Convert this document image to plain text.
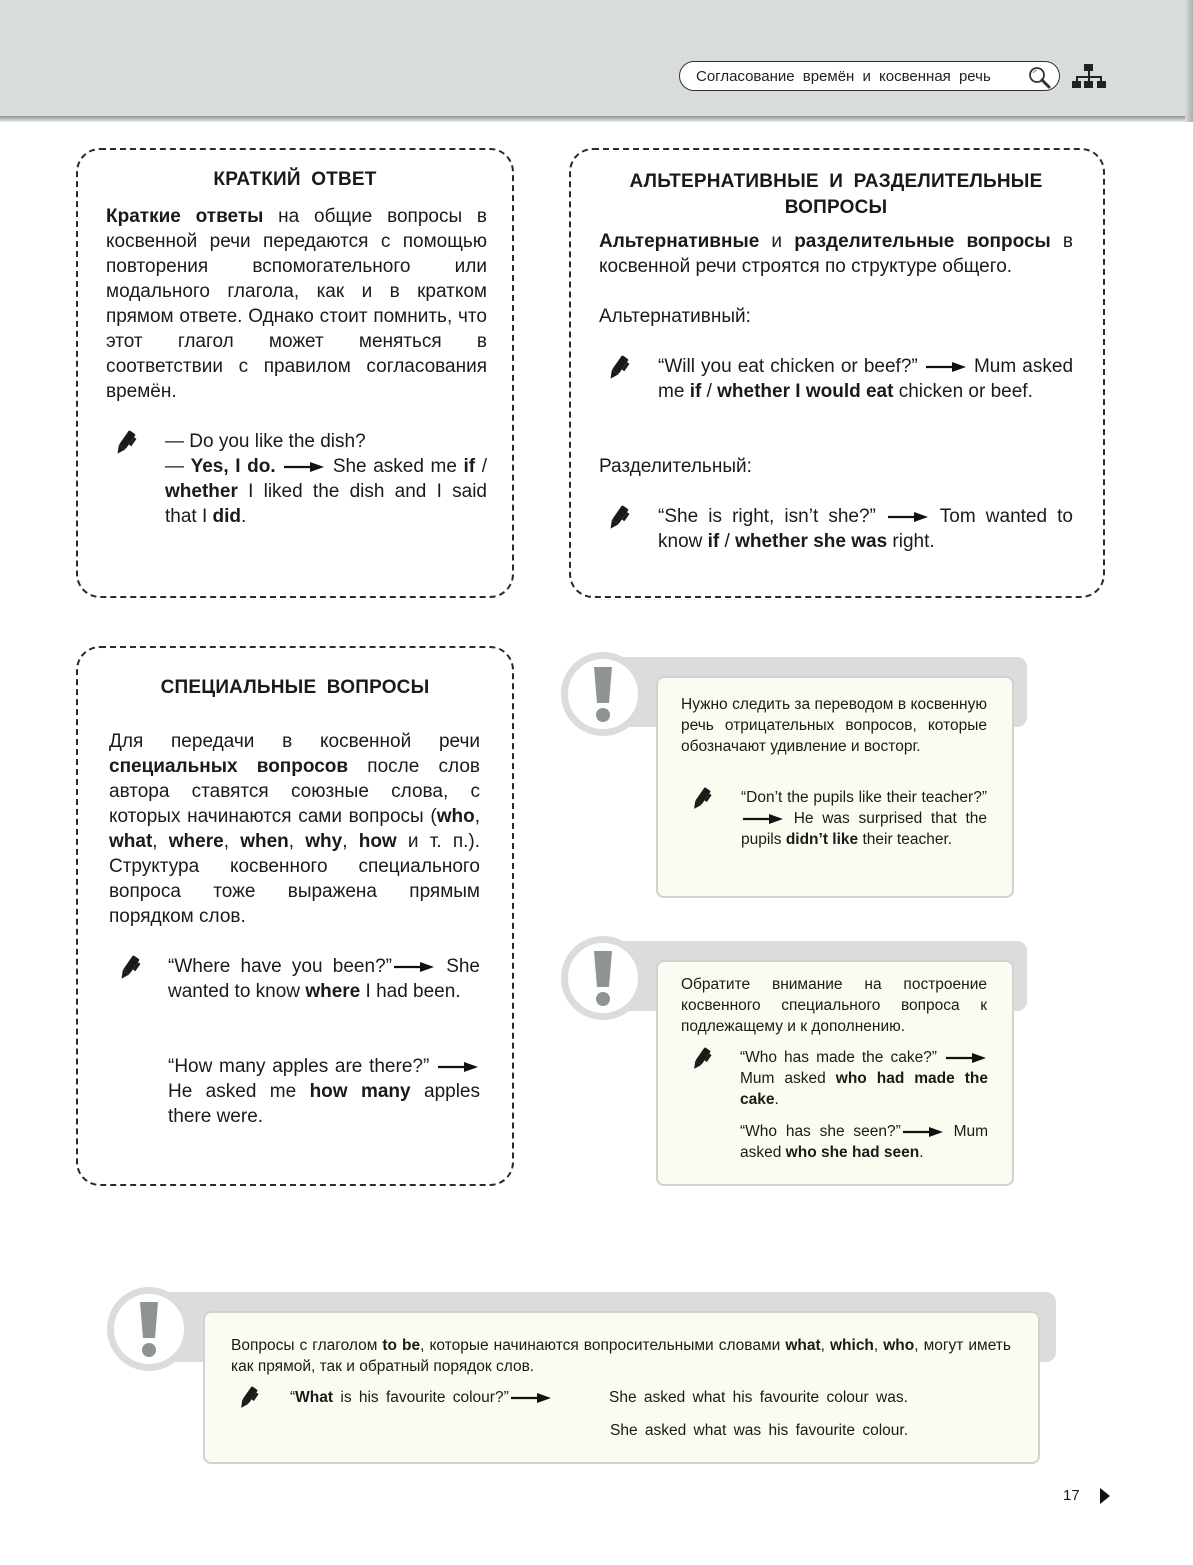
Согласование времён и косвенная речь
КРАТКИЙ ОТВЕТ
Краткие ответы на общие вопросы в косвенной речи передаются с помощью повторения вспомогательного или модального глагола, как и в кратком прямом ответе. Однако стоит помнить, что этот глагол может меняться в соответствии с правилом согласования времён.
— Do you like the dish?
— Yes, I do.	She asked me if / whether I liked the dish and I said that I did.
АЛЬТЕРНАТИВНЫЕ И РАЗДЕЛИТЕЛЬНЫЕ ВОПРОСЫ
Альтернативные и разделительные вопросы в косвенной речи строятся по структуре общего.
Альтернативный:
“Will you eat chicken or beef?”	Mum asked me if / whether I would eat chicken or beef.
Разделительный:
“She is right, isn’t she?”	Tom wanted to know if / whether she was right.
СПЕЦИАЛЬНЫЕ ВОПРОСЫ
Для передачи в косвенной речи специальных вопросов после слов автора ставятся союзные слова, с которых начинаются сами вопросы (who, what, where, when, why, how и т. п.). Структура косвенного специального вопроса тоже выражена прямым порядком слов.
“Where have you been?” She wanted to know where I had been.
“How many apples are there?”  He asked me how many apples there were.
Нужно следить за переводом в косвенную речь отрицательных вопросов, которые обозначают удивление и восторг.
“Don’t the pupils like their teacher?”  He was surprised that the pupils didn’t like their teacher.
Обратите внимание на построение косвенного специального вопроса к подлежащему и к дополнению.
“Who has made the cake?”  Mum asked who had made the cake.
“Who has she seen?”	Mum asked who she had seen.
Вопросы с глаголом to be, которые начинаются вопросительными словами what, which, who, могут иметь как прямой, так и обратный порядок слов.
“What is his favourite colour?”	She asked what his favourite colour was.
She asked what was his favourite colour.
17
